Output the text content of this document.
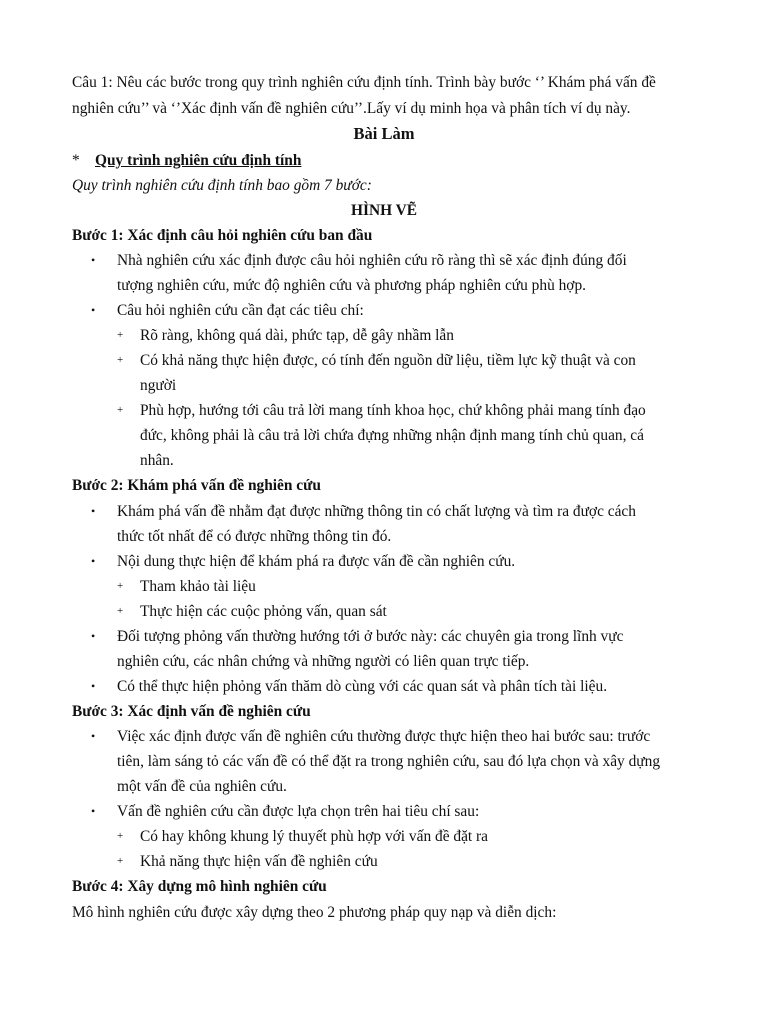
Câu 1: Nêu các bước trong quy trình nghiên cứu định tính. Trình bày bước ‘’ Khám phá vấn đề
nghiên cứu’’ và ‘’Xác định vấn đề nghiên cứu’’.Lấy ví dụ minh họa và phân tích ví dụ này.
Bài Làm
* Quy trình nghiên cứu định tính
Quy trình nghiên cứu định tính bao gồm 7 bước:
HÌNH VẼ
Bước 1: Xác định câu hỏi nghiên cứu ban đầu
• Nhà nghiên cứu xác định được câu hỏi nghiên cứu rõ ràng thì sẽ xác định đúng đối
tượng nghiên cứu, mức độ nghiên cứu và phương pháp nghiên cứu phù hợp.
• Câu hỏi nghiên cứu cần đạt các tiêu chí:
+ Rõ ràng, không quá dài, phức tạp, dễ gây nhầm lẫn
+ Có khả năng thực hiện được, có tính đến nguồn dữ liệu, tiềm lực kỹ thuật và con
người
+ Phù hợp, hướng tới câu trả lời mang tính khoa học, chứ không phải mang tính đạo
đức, không phải là câu trả lời chứa đựng những nhận định mang tính chủ quan, cá
nhân.
Bước 2: Khám phá vấn đề nghiên cứu
• Khám phá vấn đề nhằm đạt được những thông tin có chất lượng và tìm ra được cách
thức tốt nhất để có được những thông tin đó.
• Nội dung thực hiện để khám phá ra được vấn đề cần nghiên cứu.
+ Tham khảo tài liệu
+ Thực hiện các cuộc phỏng vấn, quan sát
• Đối tượng phỏng vấn thường hướng tới ở bước này: các chuyên gia trong lĩnh vực
nghiên cứu, các nhân chứng và những người có liên quan trực tiếp.
• Có thể thực hiện phỏng vấn thăm dò cùng với các quan sát và phân tích tài liệu.
Bước 3: Xác định vấn đề nghiên cứu
• Việc xác định được vấn đề nghiên cứu thường được thực hiện theo hai bước sau: trước
tiên, làm sáng tỏ các vấn đề có thể đặt ra trong nghiên cứu, sau đó lựa chọn và xây dựng
một vấn đề của nghiên cứu.
• Vấn đề nghiên cứu cần được lựa chọn trên hai tiêu chí sau:
+ Có hay không khung lý thuyết phù hợp với vấn đề đặt ra
+ Khả năng thực hiện vấn đề nghiên cứu
Bước 4: Xây dựng mô hình nghiên cứu
Mô hình nghiên cứu được xây dựng theo 2 phương pháp quy nạp và diễn dịch:
